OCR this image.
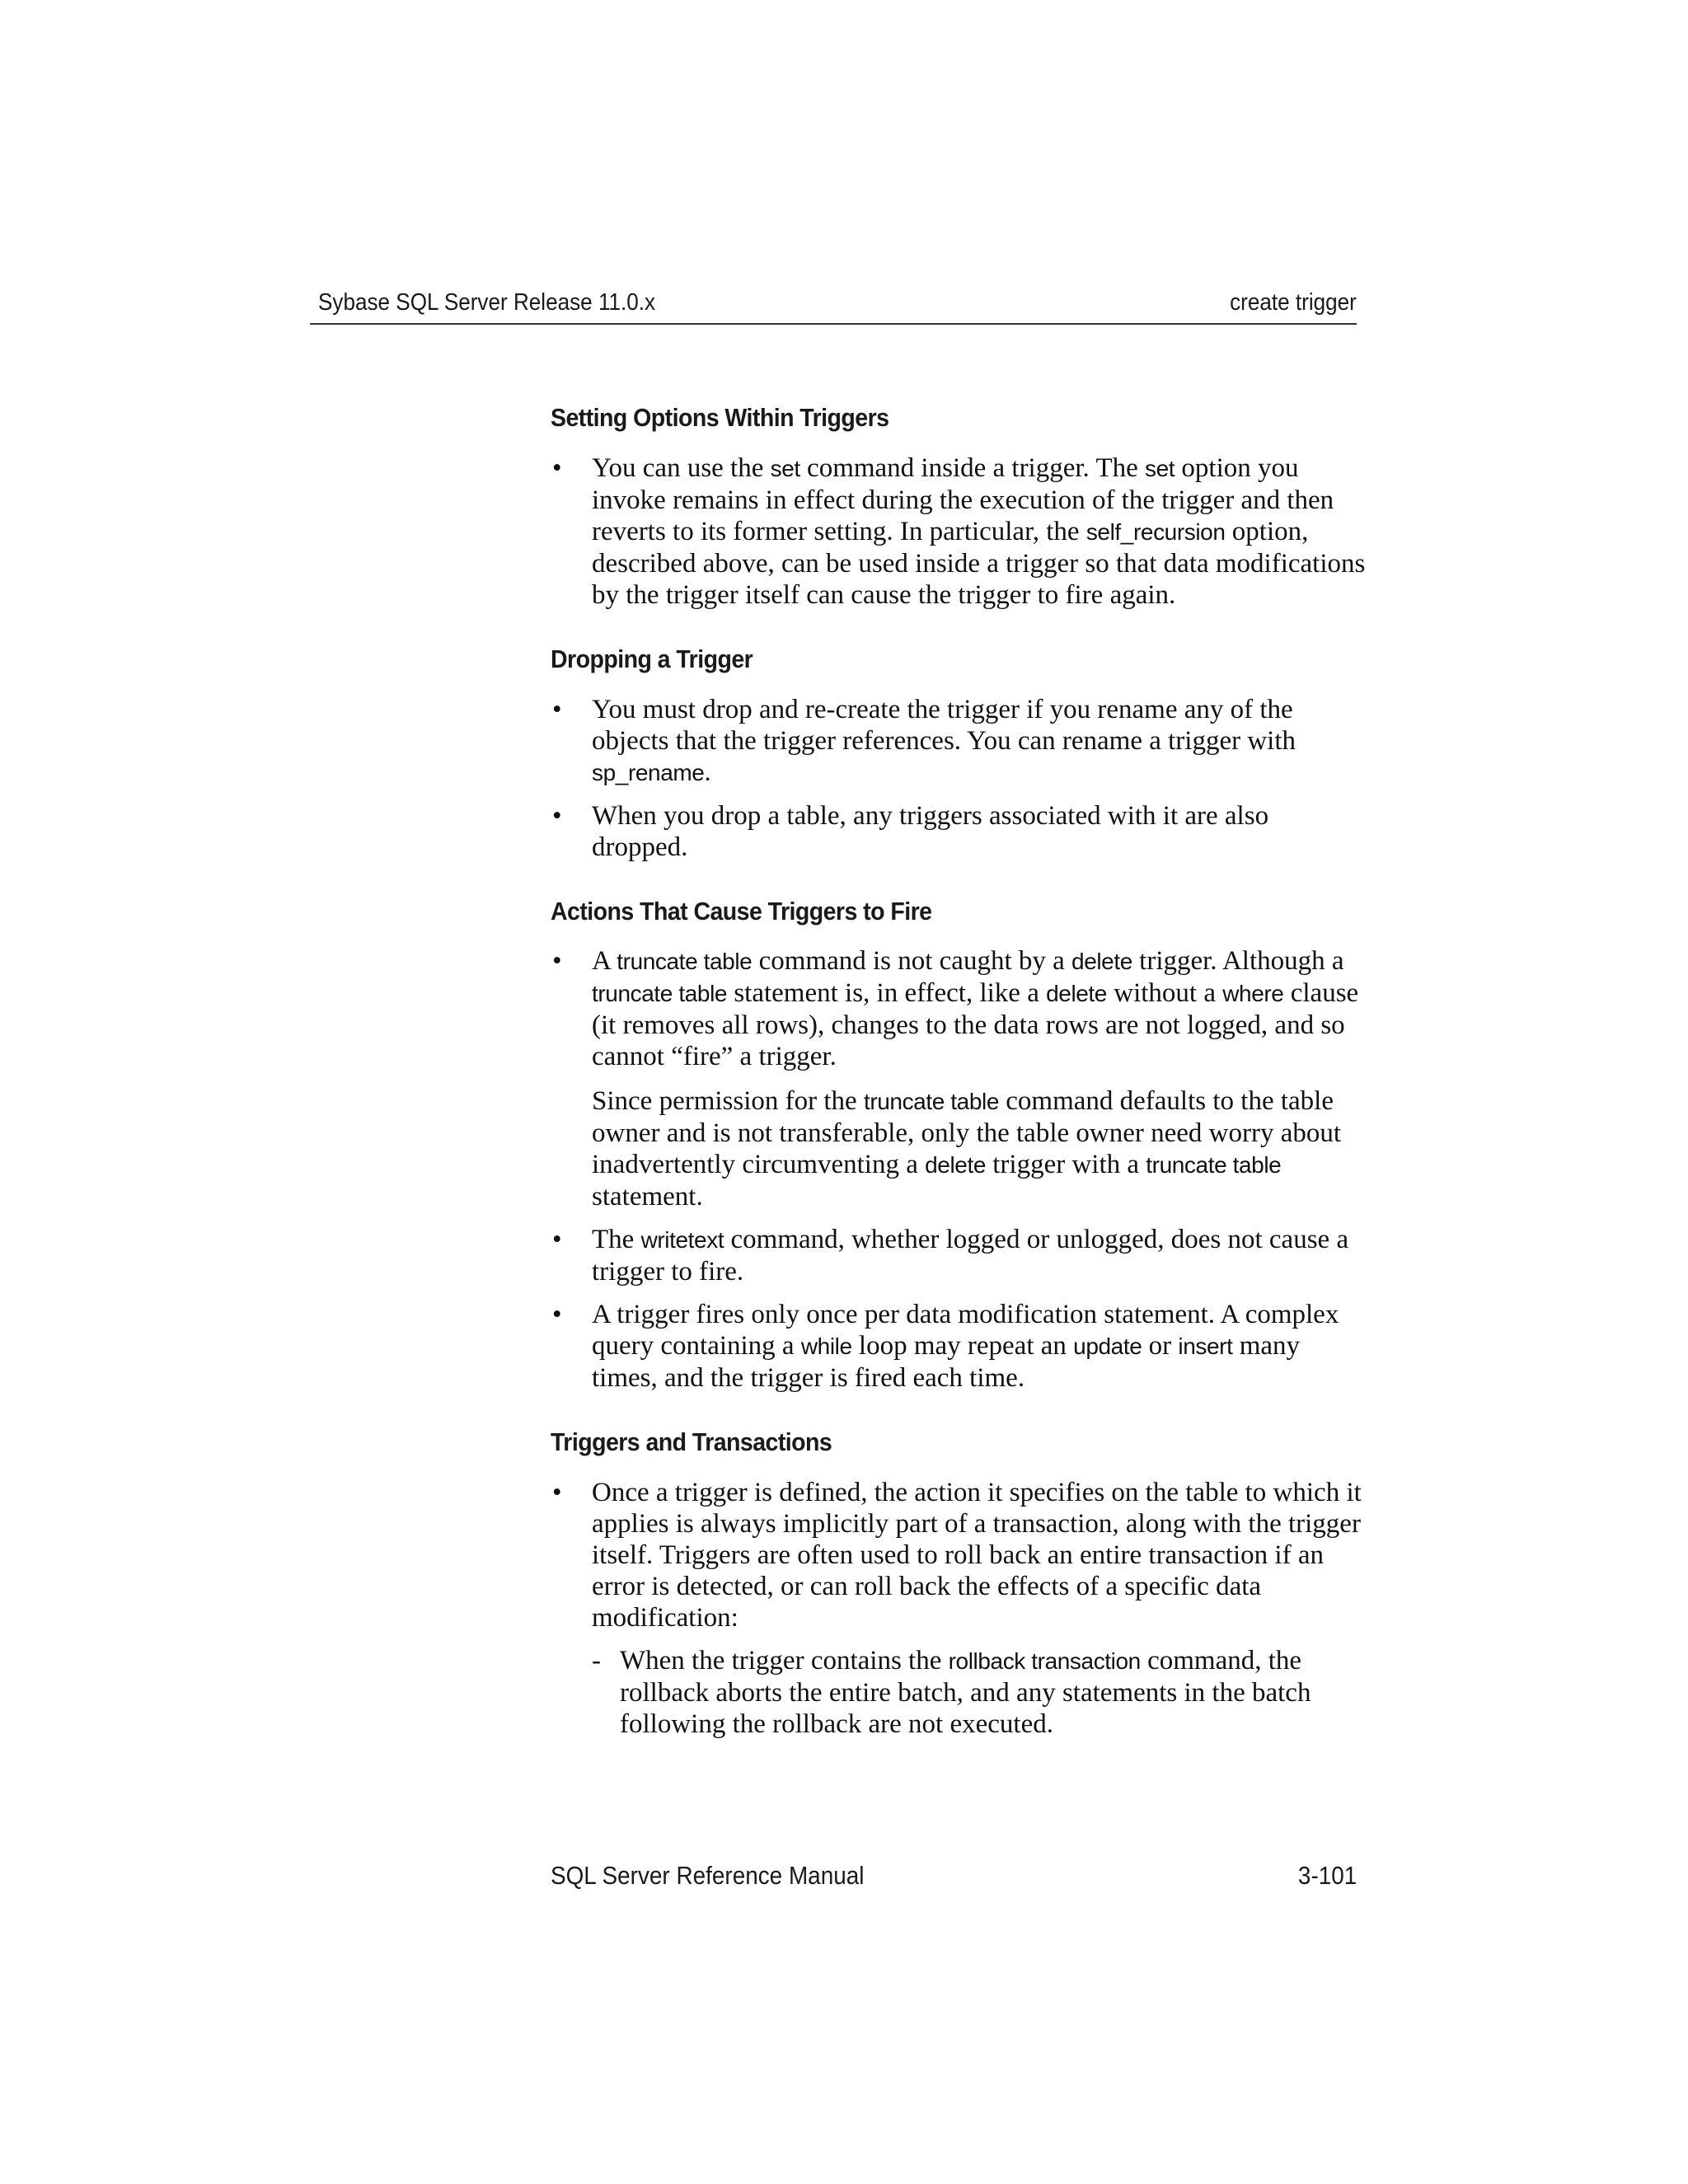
Sybase SQL Server Release 11.0.x	create trigger
Setting Options Within Triggers

• You can use the set command inside a trigger. The set option you invoke remains in effect during the execution of the trigger and then reverts to its former setting. In particular, the self_recursion option, described above, can be used inside a trigger so that data modifications by the trigger itself can cause the trigger to fire again.

Dropping a Trigger

• You must drop and re-create the trigger if you rename any of the objects that the trigger references. You can rename a trigger with sp_rename.

• When you drop a table, any triggers associated with it are also dropped.

Actions That Cause Triggers to Fire

• A truncate table command is not caught by a delete trigger. Although a truncate table statement is, in effect, like a delete without a where clause (it removes all rows), changes to the data rows are not logged, and so cannot “fire” a trigger.

Since permission for the truncate table command defaults to the table owner and is not transferable, only the table owner need worry about inadvertently circumventing a delete trigger with a truncate table statement.

• The writetext command, whether logged or unlogged, does not cause a trigger to fire.

• A trigger fires only once per data modification statement. A complex query containing a while loop may repeat an update or insert many times, and the trigger is fired each time.

Triggers and Transactions

• Once a trigger is defined, the action it specifies on the table to which it applies is always implicitly part of a transaction, along with the trigger itself. Triggers are often used to roll back an entire transaction if an error is detected, or can roll back the effects of a specific data modification:

- When the trigger contains the rollback transaction command, the rollback aborts the entire batch, and any statements in the batch following the rollback are not executed.
SQL Server Reference Manual	3-101
